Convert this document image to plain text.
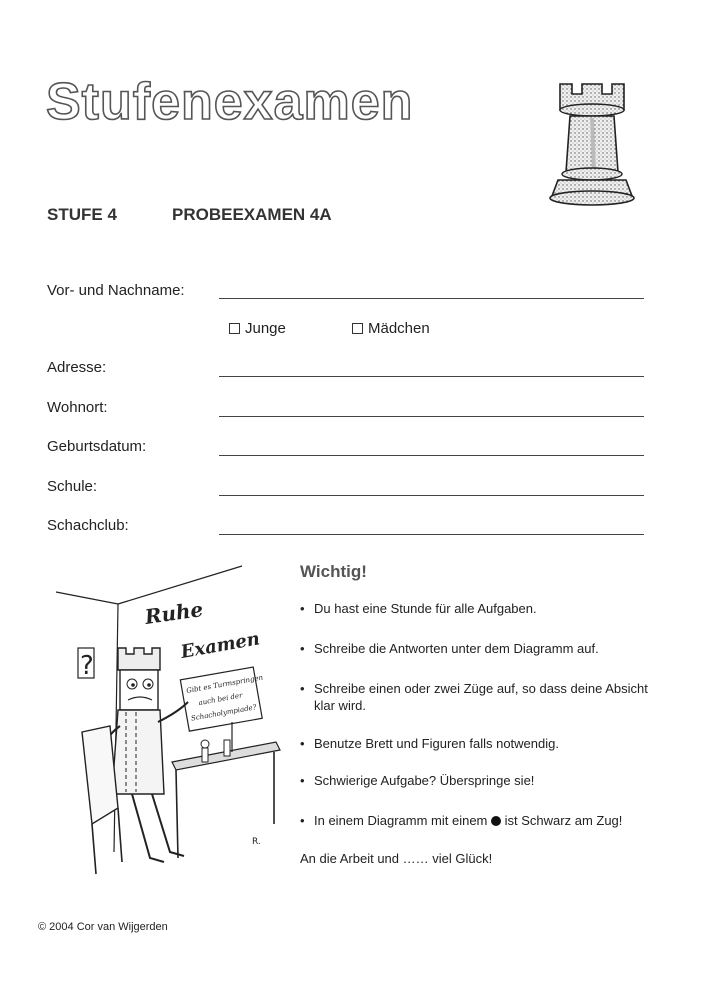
Stufenexamen
STUFE 4	PROBEEXAMEN 4A
Vor- und Nachname:
Junge	Mädchen
Adresse:
Wohnort:
Geburtsdatum:
Schule:
Schachclub:
Ruhe
Examen
?
Gibt es Turmspringen
auch bei der
Schacholympiade?
R.
Wichtig!
• Du hast eine Stunde für alle Aufgaben.
• Schreibe die Antworten unter dem Diagramm auf.
• Schreibe einen oder zwei Züge auf, so dass deine Absicht klar wird.
• Benutze Brett und Figuren falls notwendig.
• Schwierige Aufgabe? Überspringe sie!
• In einem Diagramm mit einem ist Schwarz am Zug!
An die Arbeit und …… viel Glück!
© 2004 Cor van Wijgerden
